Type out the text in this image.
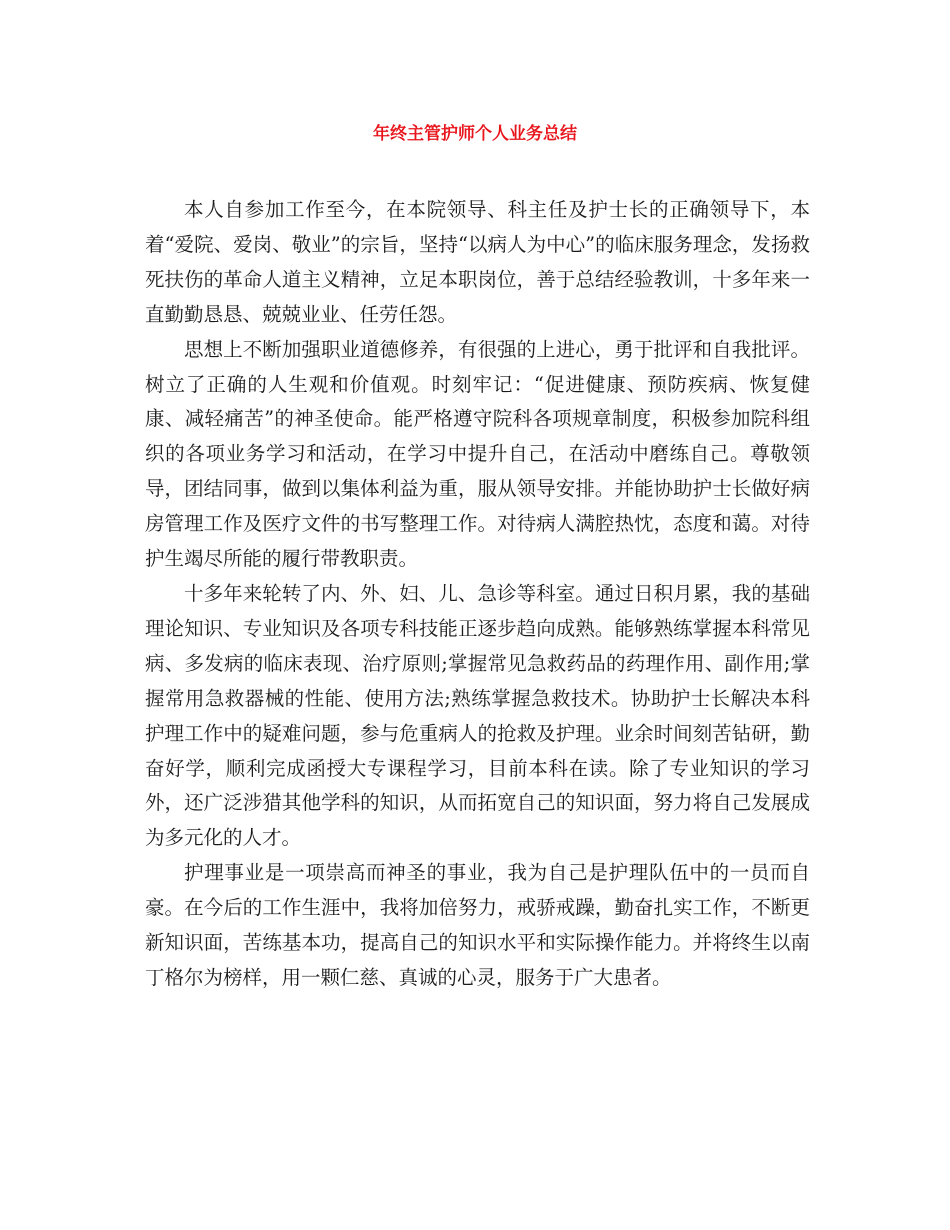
年终主管护师个人业务总结

本人自参加工作至今，在本院领导、科主任及护士长的正确领导下，本着“爱院、爱岗、敬业”的宗旨，坚持“以病人为中心”的临床服务理念，发扬救死扶伤的革命人道主义精神，立足本职岗位，善于总结经验教训，十多年来一直勤勤恳恳、兢兢业业、任劳任怨。

思想上不断加强职业道德修养，有很强的上进心，勇于批评和自我批评。树立了正确的人生观和价值观。时刻牢记：“促进健康、预防疾病、恢复健康、减轻痛苦”的神圣使命。能严格遵守院科各项规章制度，积极参加院科组织的各项业务学习和活动，在学习中提升自己，在活动中磨练自己。尊敬领导，团结同事，做到以集体利益为重，服从领导安排。并能协助护士长做好病房管理工作及医疗文件的书写整理工作。对待病人满腔热忱，态度和蔼。对待护生竭尽所能的履行带教职责。

十多年来轮转了内、外、妇、儿、急诊等科室。通过日积月累，我的基础理论知识、专业知识及各项专科技能正逐步趋向成熟。能够熟练掌握本科常见病、多发病的临床表现、治疗原则;掌握常见急救药品的药理作用、副作用;掌握常用急救器械的性能、使用方法;熟练掌握急救技术。协助护士长解决本科护理工作中的疑难问题，参与危重病人的抢救及护理。业余时间刻苦钻研，勤奋好学，顺利完成函授大专课程学习，目前本科在读。除了专业知识的学习外，还广泛涉猎其他学科的知识，从而拓宽自己的知识面，努力将自己发展成为多元化的人才。

护理事业是一项崇高而神圣的事业，我为自己是护理队伍中的一员而自豪。在今后的工作生涯中，我将加倍努力，戒骄戒躁，勤奋扎实工作，不断更新知识面，苦练基本功，提高自己的知识水平和实际操作能力。并将终生以南丁格尔为榜样，用一颗仁慈、真诚的心灵，服务于广大患者。
